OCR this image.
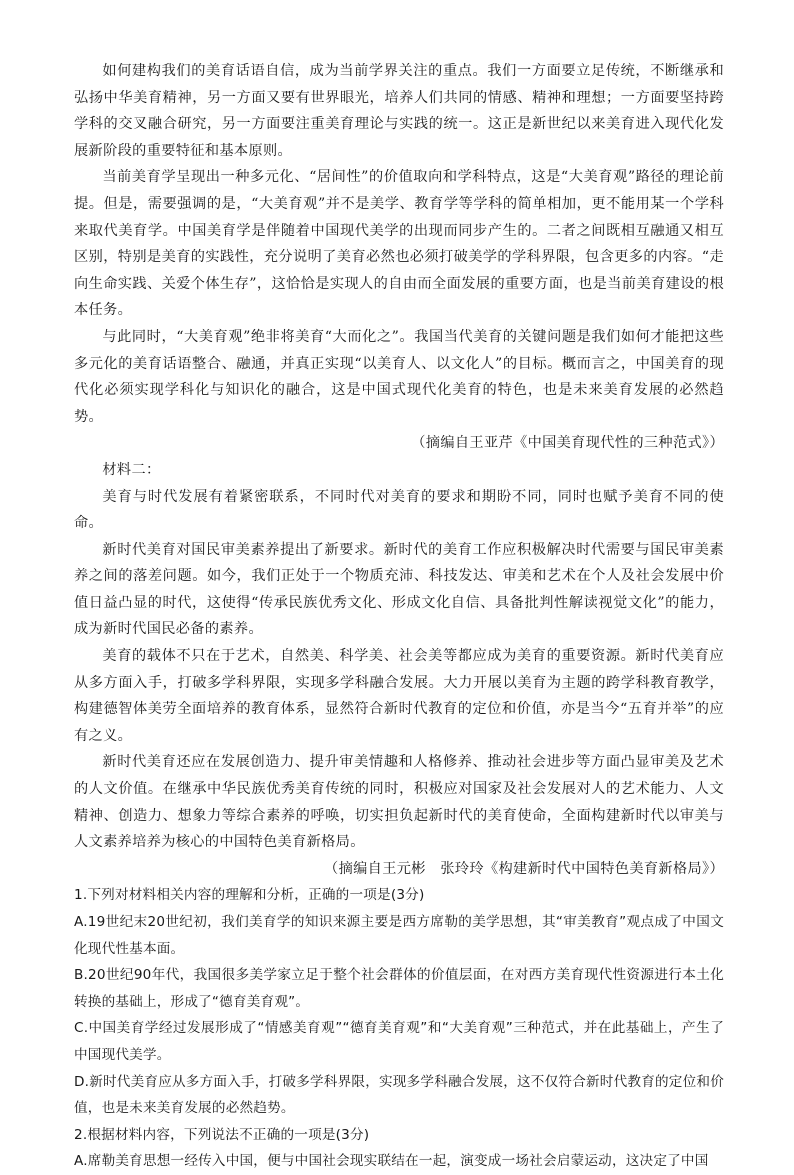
如何建构我们的美育话语自信，成为当前学界关注的重点。我们一方面要立足传统，不断继承和弘扬中华美育精神，另一方面又要有世界眼光，培养人们共同的情感、精神和理想；一方面要坚持跨学科的交叉融合研究，另一方面要注重美育理论与实践的统一。这正是新世纪以来美育进入现代化发展新阶段的重要特征和基本原则。

当前美育学呈现出一种多元化、“居间性”的价值取向和学科特点，这是“大美育观”路径的理论前提。但是，需要强调的是，“大美育观”并不是美学、教育学等学科的简单相加，更不能用某一个学科来取代美育学。中国美育学是伴随着中国现代美学的出现而同步产生的。二者之间既相互融通又相互区别，特别是美育的实践性，充分说明了美育必然也必须打破美学的学科界限，包含更多的内容。“走向生命实践、关爱个体生存”，这恰恰是实现人的自由而全面发展的重要方面，也是当前美育建设的根本任务。

与此同时，“大美育观”绝非将美育“大而化之”。我国当代美育的关键问题是我们如何才能把这些多元化的美育话语整合、融通，并真正实现“以美育人、以文化人”的目标。概而言之，中国美育的现代化必须实现学科化与知识化的融合，这是中国式现代化美育的特色，也是未来美育发展的必然趋势。

（摘编自王亚芹《中国美育现代性的三种范式》）

材料二：

美育与时代发展有着紧密联系，不同时代对美育的要求和期盼不同，同时也赋予美育不同的使命。

新时代美育对国民审美素养提出了新要求。新时代的美育工作应积极解决时代需要与国民审美素养之间的落差问题。如今，我们正处于一个物质充沛、科技发达、审美和艺术在个人及社会发展中价值日益凸显的时代，这使得“传承民族优秀文化、形成文化自信、具备批判性解读视觉文化”的能力，成为新时代国民必备的素养。

美育的载体不只在于艺术，自然美、科学美、社会美等都应成为美育的重要资源。新时代美育应从多方面入手，打破多学科界限，实现多学科融合发展。大力开展以美育为主题的跨学科教育教学，构建德智体美劳全面培养的教育体系，显然符合新时代教育的定位和价值，亦是当今“五育并举”的应有之义。

新时代美育还应在发展创造力、提升审美情趣和人格修养、推动社会进步等方面凸显审美及艺术的人文价值。在继承中华民族优秀美育传统的同时，积极应对国家及社会发展对人的艺术能力、人文精神、创造力、想象力等综合素养的呼唤，切实担负起新时代的美育使命，全面构建新时代以审美与人文素养培养为核心的中国特色美育新格局。

（摘编自王元彬　张玲玲《构建新时代中国特色美育新格局》）

1.下列对材料相关内容的理解和分析，正确的一项是(3分)

A.19世纪末20世纪初，我们美育学的知识来源主要是西方席勒的美学思想，其“审美教育”观点成了中国文化现代性基本面。

B.20世纪90年代，我国很多美学家立足于整个社会群体的价值层面，在对西方美育现代性资源进行本土化转换的基础上，形成了“德育美育观”。

C.中国美育学经过发展形成了“情感美育观”“德育美育观”和“大美育观”三种范式，并在此基础上，产生了中国现代美学。

D.新时代美育应从多方面入手，打破多学科界限，实现多学科融合发展，这不仅符合新时代教育的定位和价值，也是未来美育发展的必然趋势。

2.根据材料内容，下列说法不正确的一项是(3分)

A.席勒美育思想一经传入中国，便与中国社会现实联结在一起，演变成一场社会启蒙运动，这决定了中国
